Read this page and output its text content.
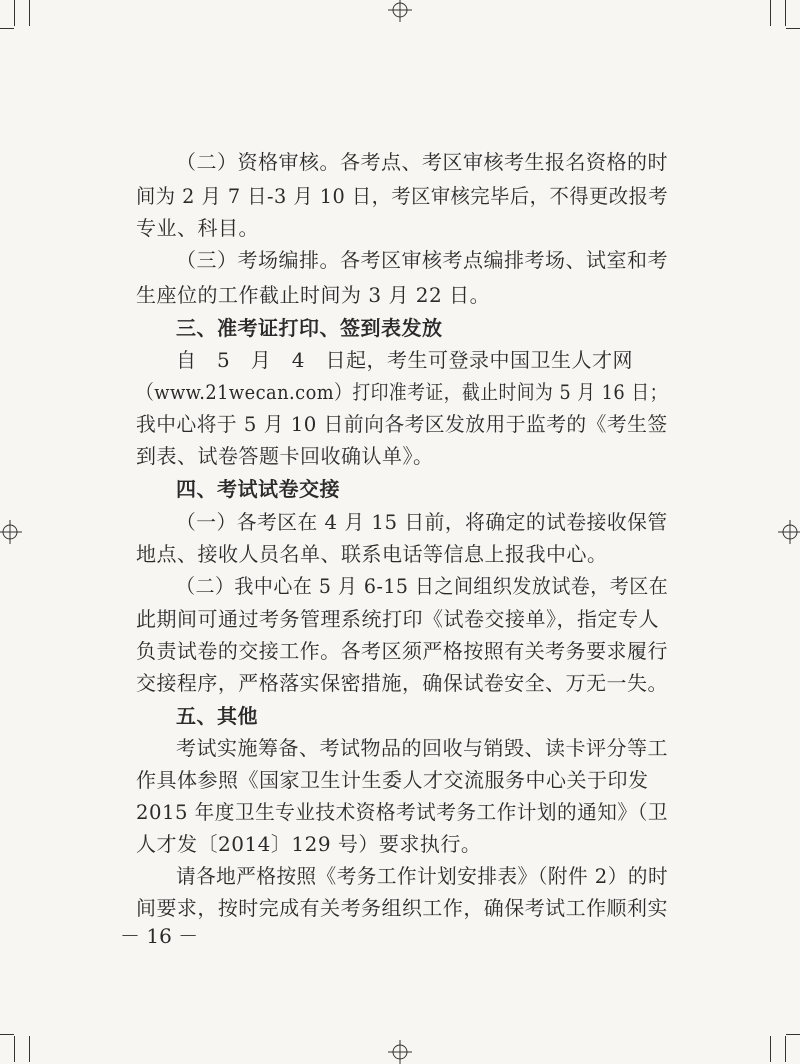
（二）资格审核。各考点、考区审核考生报名资格的时
间为 2 月 7 日-3 月 10 日，考区审核完毕后，不得更改报考
专业、科目。
（三）考场编排。各考区审核考点编排考场、试室和考
生座位的工作截止时间为 3 月 22 日。
三、准考证打印、签到表发放
自　5　月　4　日起，考生可登录中国卫生人才网
（www.21wecan.com）打印准考证，截止时间为 5 月 16 日；
我中心将于 5 月 10 日前向各考区发放用于监考的《考生签
到表、试卷答题卡回收确认单》。
四、考试试卷交接
（一）各考区在 4 月 15 日前，将确定的试卷接收保管
地点、接收人员名单、联系电话等信息上报我中心。
（二）我中心在 5 月 6-15 日之间组织发放试卷，考区在
此期间可通过考务管理系统打印《试卷交接单》，指定专人
负责试卷的交接工作。各考区须严格按照有关考务要求履行
交接程序，严格落实保密措施，确保试卷安全、万无一失。
五、其他
考试实施筹备、考试物品的回收与销毁、读卡评分等工
作具体参照《国家卫生计生委人才交流服务中心关于印发
2015 年度卫生专业技术资格考试考务工作计划的通知》（卫
人才发〔2014〕129 号）要求执行。
请各地严格按照《考务工作计划安排表》（附件 2）的时
间要求，按时完成有关考务组织工作，确保考试工作顺利实
－ 16 －
